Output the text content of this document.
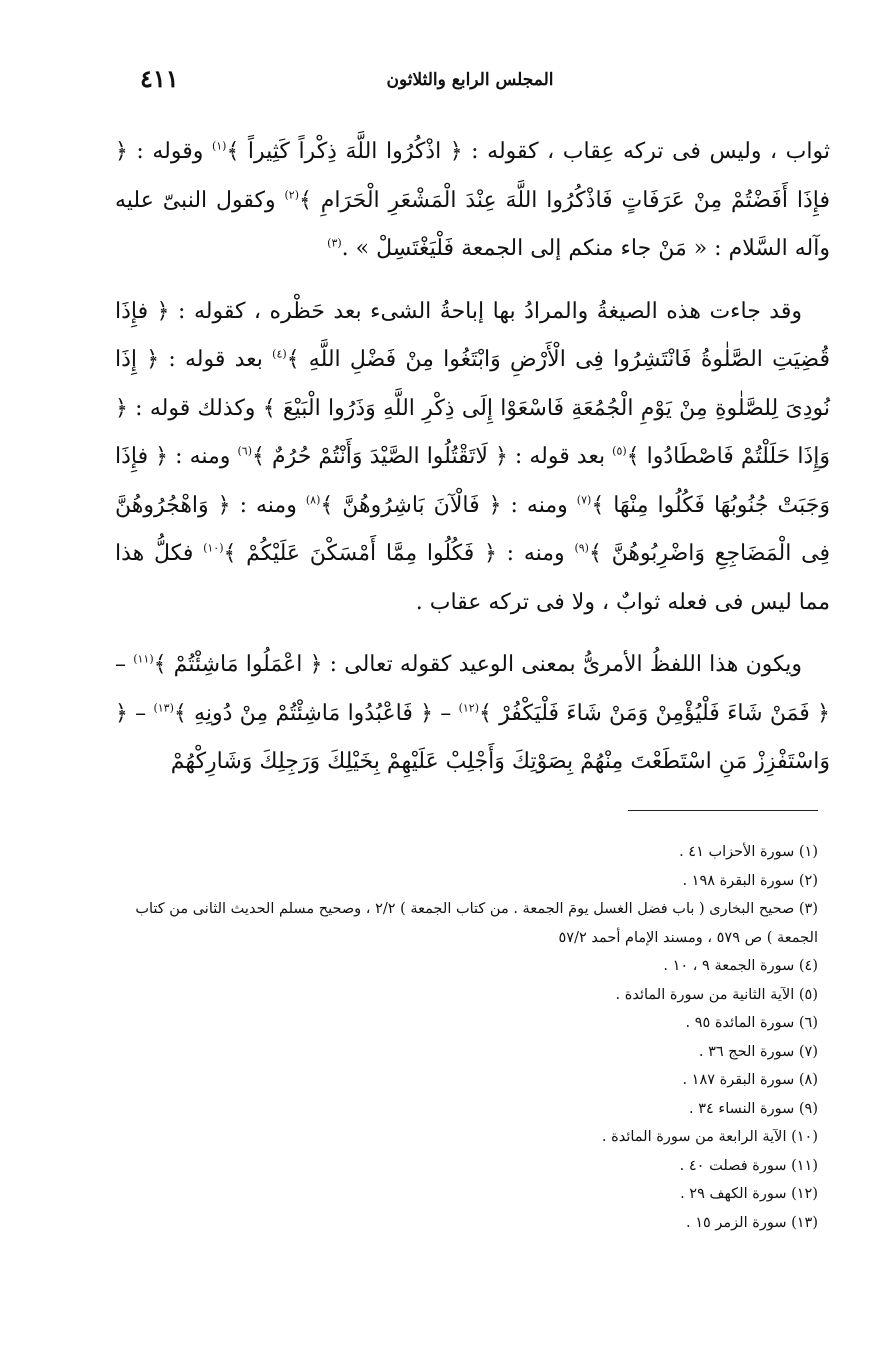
المجلس الرابع والثلاثون
٤١١

ثواب ، وليس فى تركه عِقاب ، كقوله : ﴿ اذْكُرُوا اللَّهَ ذِكْراً كَثِيراً ﴾$^{(١)}$ وقوله : ﴿ فإِذَا أَفَضْتُمْ مِنْ عَرَفَاتٍ فَاذْكُرُوا اللَّهَ عِنْدَ الْمَشْعَرِ الْحَرَامِ ﴾$^{(٢)}$ وكقول النبىّ عليه وآله السَّلام : « مَنْ جاء منكم إلى الجمعة فَلْيَغْتَسِلْ » .$^{(٣)}$

وقد جاءت هذه الصيغةُ والمرادُ بها إباحةُ الشىء بعد حَظْره ، كقوله : ﴿ فإِذَا قُضِيَتِ الصَّلٰوةُ فَانْتَشِرُوا فِى الْأَرْضِ وَابْتَغُوا مِنْ فَضْلِ اللَّهِ ﴾$^{(٤)}$ بعد قوله : ﴿ إِذَا نُودِىَ لِلصَّلٰوةِ مِنْ يَوْمِ الْجُمُعَةِ فَاسْعَوْا إِلَى ذِكْرِ اللَّهِ وَذَرُوا الْبَيْعَ ﴾ وكذلك قوله : ﴿ وَإِذَا حَلَلْتُمْ فَاصْطَادُوا ﴾$^{(٥)}$ بعد قوله : ﴿ لَاتَقْتُلُوا الصَّيْدَ وَأَنْتُمْ حُرُمٌ ﴾$^{(٦)}$ ومنه : ﴿ فإِذَا وَجَبَتْ جُنُوبُهَا فَكُلُوا مِنْهَا ﴾$^{(٧)}$ ومنه : ﴿ فَالْآنَ بَاشِرُوهُنَّ ﴾$^{(٨)}$ ومنه : ﴿ وَاهْجُرُوهُنَّ فِى الْمَضَاجِعِ وَاضْرِبُوهُنَّ ﴾$^{(٩)}$ ومنه : ﴿ فَكُلُوا مِمَّا أَمْسَكْنَ عَلَيْكُمْ ﴾$^{(١٠)}$ فكلُّ هذا مما ليس فى فعله ثوابٌ ، ولا فى تركه عقاب .

ويكون هذا اللفظُ الأمرىُّ بمعنى الوعيد كقوله تعالى : ﴿ اعْمَلُوا مَاشِئْتُمْ ﴾$^{(١١)}$ – ﴿ فَمَنْ شَاءَ فَلْيُؤْمِنْ وَمَنْ شَاءَ فَلْيَكْفُرْ ﴾$^{(١٢)}$ – ﴿ فَاعْبُدُوا مَاشِئْتُمْ مِنْ دُونِهِ ﴾$^{(١٣)}$ – ﴿ وَاسْتَفْزِزْ مَنِ اسْتَطَعْتَ مِنْهُمْ بِصَوْتِكَ وَأَجْلِبْ عَلَيْهِمْ بِخَيْلِكَ وَرَجِلِكَ وَشَارِكْهُمْ

(١) سورة الأحزاب ٤١ .

(٢) سورة البقرة ١٩٨ .

(٣) صحيح البخارى ( باب فضل الغسل يومَ الجمعة . من كتاب الجمعة ) ٢/٢ ، وصحيح مسلم الحديث الثانى من كتاب الجمعة ) ص ٥٧٩ ، ومسند الإمام أحمد ٥٧/٢

(٤) سورة الجمعة ٩ ، ١٠ .

(٥) الآية الثانية من سورة المائدة .

(٦) سورة المائدة ٩٥ .

(٧) سورة الحج ٣٦ .

(٨) سورة البقرة ١٨٧ .

(٩) سورة النساء ٣٤ .

(١٠) الآية الرابعة من سورة المائدة .

(١١) سورة فصلت ٤٠ .

(١٢) سورة الكهف ٢٩ .

(١٣) سورة الزمر ١٥ .
